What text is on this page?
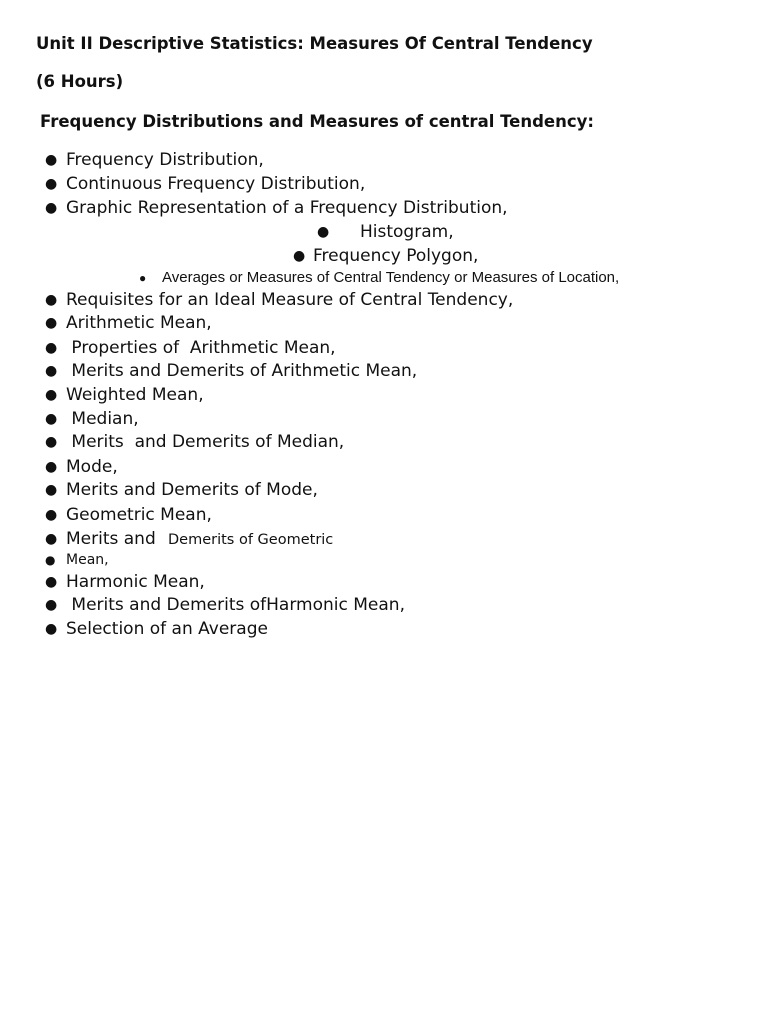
Unit II Descriptive Statistics: Measures Of Central Tendency
(6 Hours)
Frequency Distributions and Measures of central Tendency:
● Frequency Distribution,
● Continuous Frequency Distribution,
● Graphic Representation of a Frequency Distribution,
● Histogram,
● Frequency Polygon,
● Averages or Measures of Central Tendency or Measures of Location,
● Requisites for an Ideal Measure of Central Tendency,
● Arithmetic Mean,
● Properties of  Arithmetic Mean,
● Merits and Demerits of Arithmetic Mean,
● Weighted Mean,
● Median,
● Merits  and Demerits of Median,
● Mode,
● Merits and Demerits of Mode,
● Geometric Mean,
● Merits and Demerits of Geometric
● Mean,
● Harmonic Mean,
● Merits and Demerits ofHarmonic Mean,
● Selection of an Average
